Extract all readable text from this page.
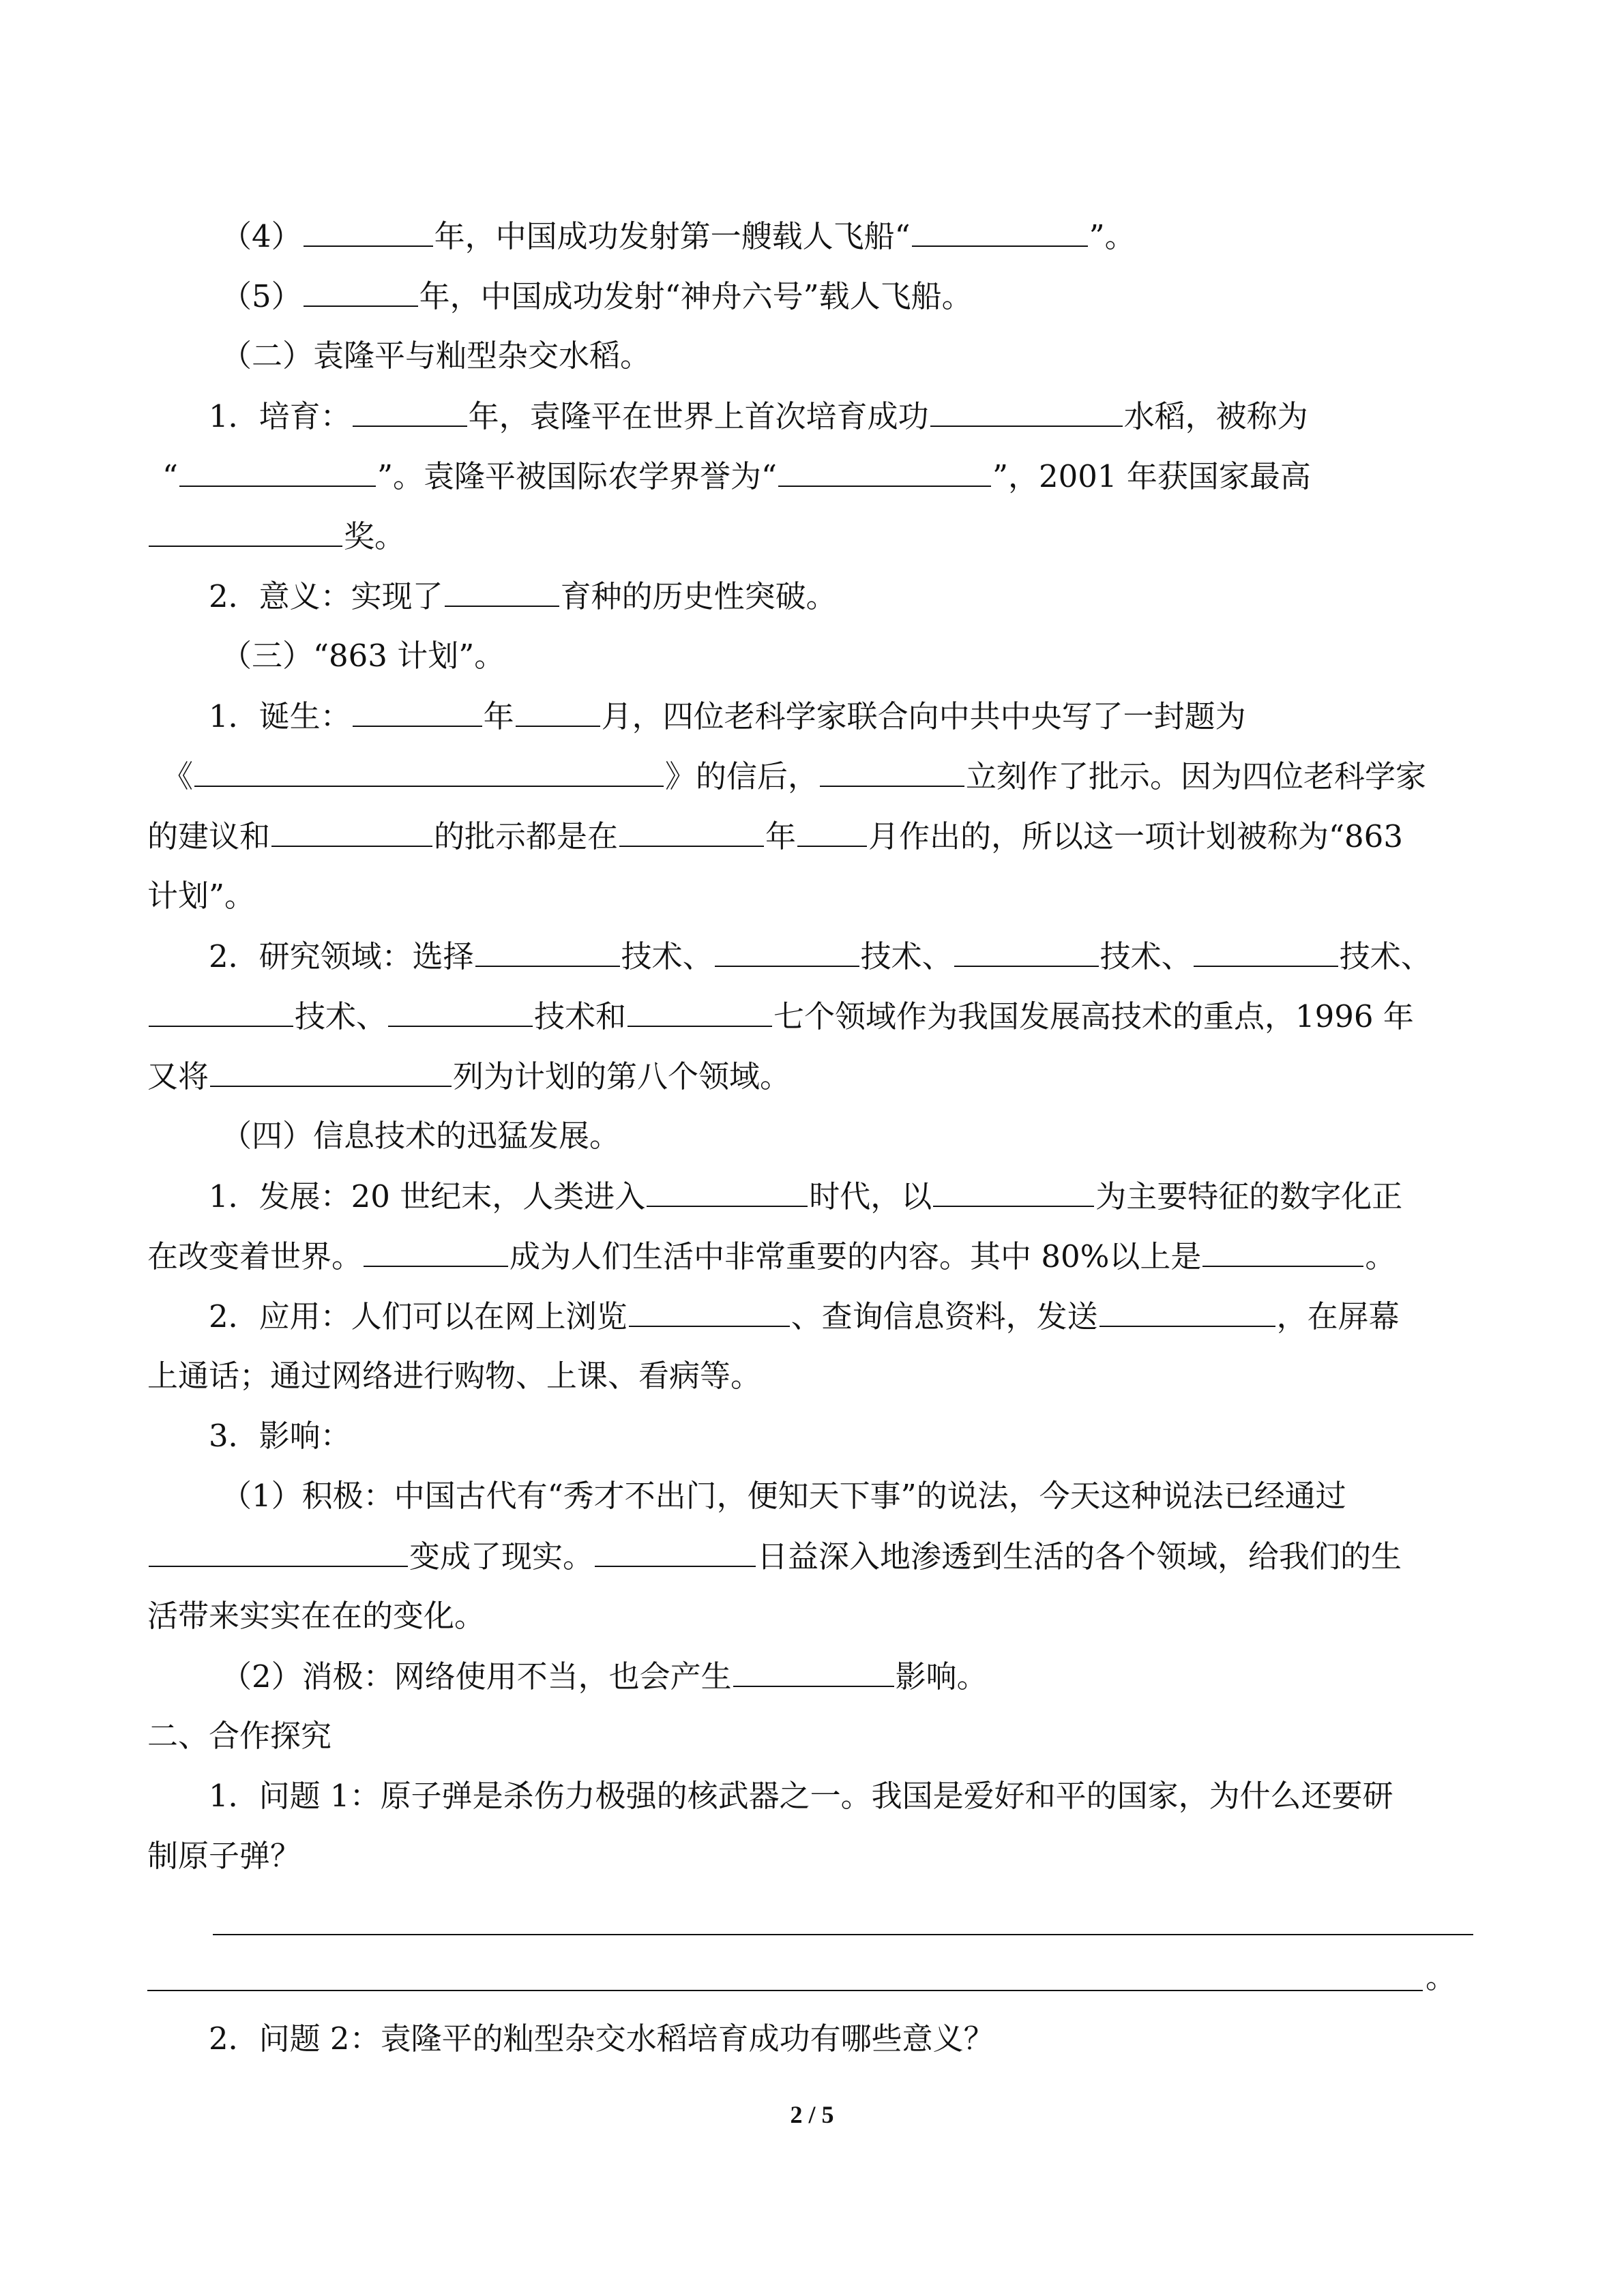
（4）	年，中国成功发射第一艘载人飞船“	”。
（5）	年，中国成功发射“神舟六号”载人飞船。
（二）袁隆平与籼型杂交水稻。
1．培育：	年，袁隆平在世界上首次培育成功	水稻，被称为
“	”。袁隆平被国际农学界誉为“	”，2001 年获国家最高
奖。
2．意义：实现了	育种的历史性突破。
（三）“863 计划”。
1．诞生：	年	月，四位老科学家联合向中共中央写了一封题为
《	》的信后，	立刻作了批示。因为四位老科学家
的建议和	的批示都是在	年 月作出的，所以这一项计划被称为“863
计划”。
2．研究领域：选择	技术、	技术、	技术、	技术、
技术、	技术和	七个领域作为我国发展高技术的重点，1996 年
又将	列为计划的第八个领域。
（四）信息技术的迅猛发展。
1．发展：20 世纪末，人类进入	时代，以	为主要特征的数字化正
在改变着世界。	成为人们生活中非常重要的内容。其中 80%以上是	。
2．应用：人们可以在网上浏览	、查询信息资料，发送	，在屏幕
上通话；通过网络进行购物、上课、看病等。
3．影响：
（1）积极：中国古代有“秀才不出门，便知天下事”的说法，今天这种说法已经通过
变成了现实。	日益深入地渗透到生活的各个领域，给我们的生
活带来实实在在的变化。
（2）消极：网络使用不当，也会产生	影响。
二、合作探究
1．问题 1：原子弹是杀伤力极强的核武器之一。我国是爱好和平的国家，为什么还要研
制原子弹？
。
2．问题 2：袁隆平的籼型杂交水稻培育成功有哪些意义？
2 / 5
